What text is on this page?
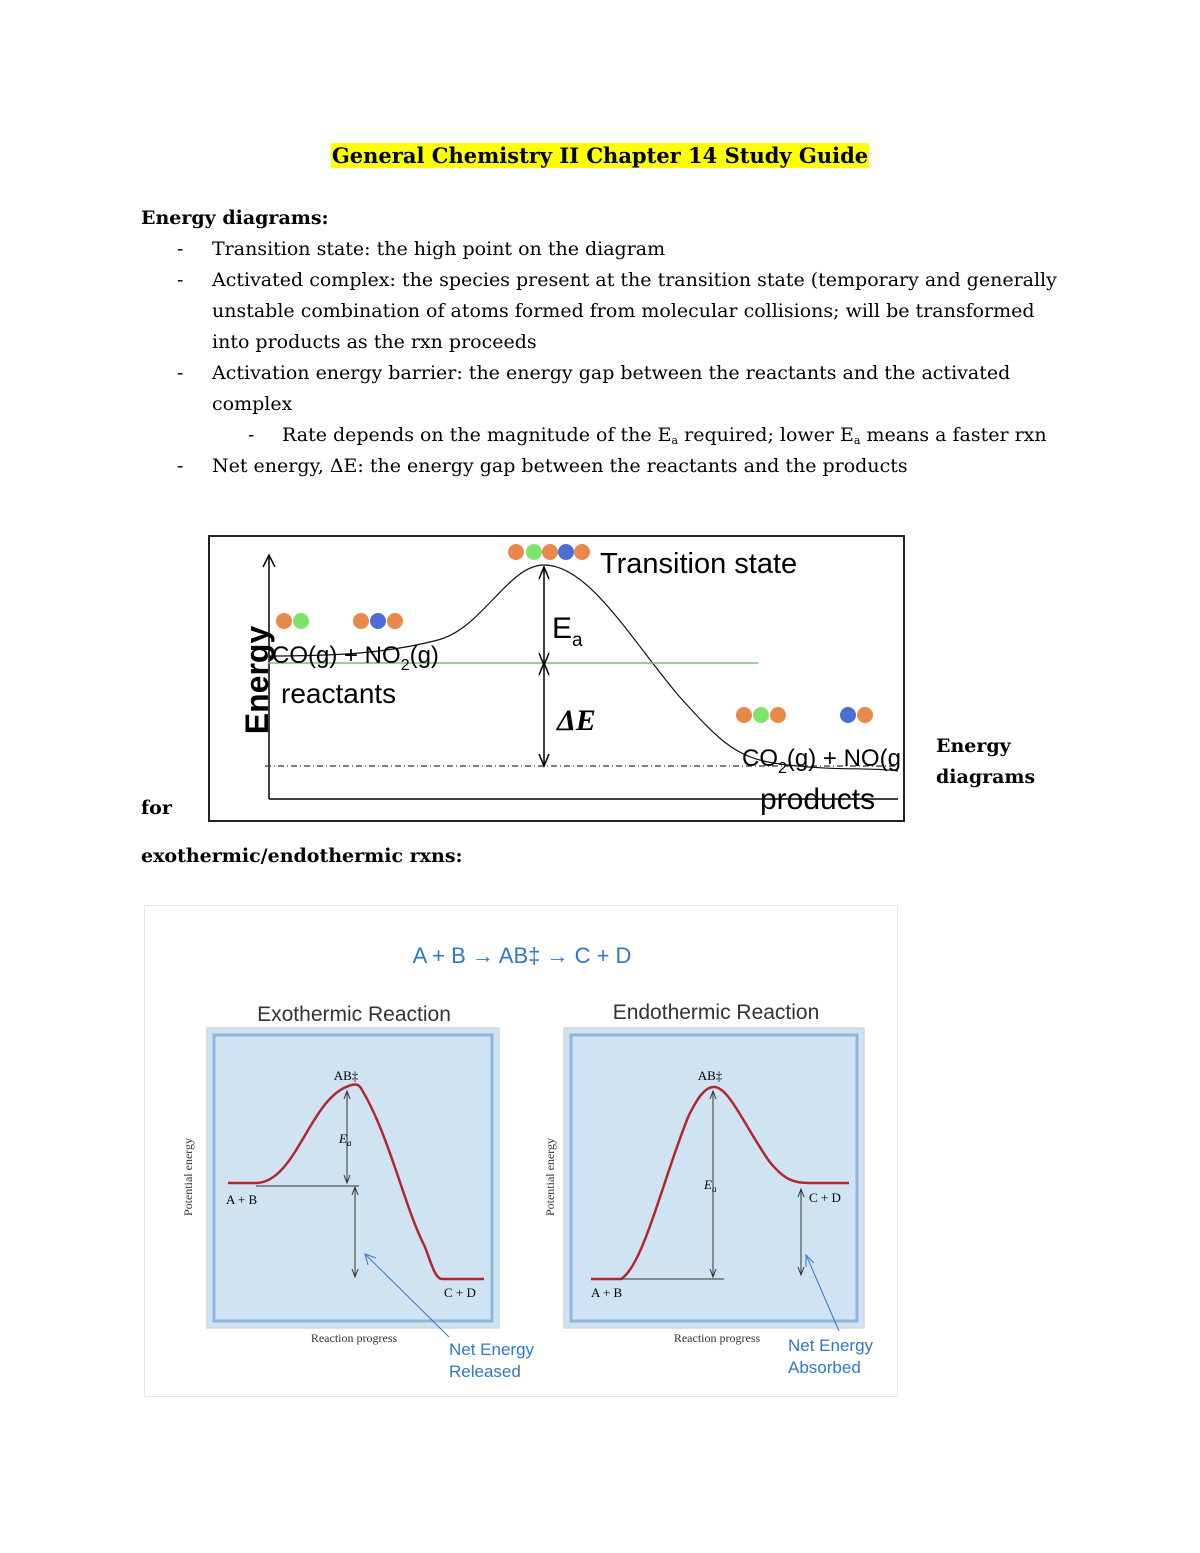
General Chemistry II Chapter 14 Study Guide
Energy diagrams:
- Transition state: the high point on the diagram
- Activated complex: the species present at the transition state (temporary and generally
unstable combination of atoms formed from molecular collisions; will be transformed
into products as the rxn proceeds
- Activation energy barrier: the energy gap between the reactants and the activated
complex
- Rate depends on the magnitude of the $E_a$ required; lower $E_a$ means a faster rxn
- Net energy, ΔE: the energy gap between the reactants and the products
Energy
Transition state
$CO(g) + NO_2(g)$
reactants
$E_a$
ΔE
$CO_2(g) + NO(g$
products
Energy
diagrams
for
exothermic/endothermic rxns:
A + B → AB‡ → C + D
Exothermic Reaction
AB‡
$E_a$
A + B
C + D
Potential energy
Reaction progress
Net Energy
Released
Endothermic Reaction
AB‡
$E_a$
A + B
C + D
Potential energy
Reaction progress Net Energy
Absorbed
